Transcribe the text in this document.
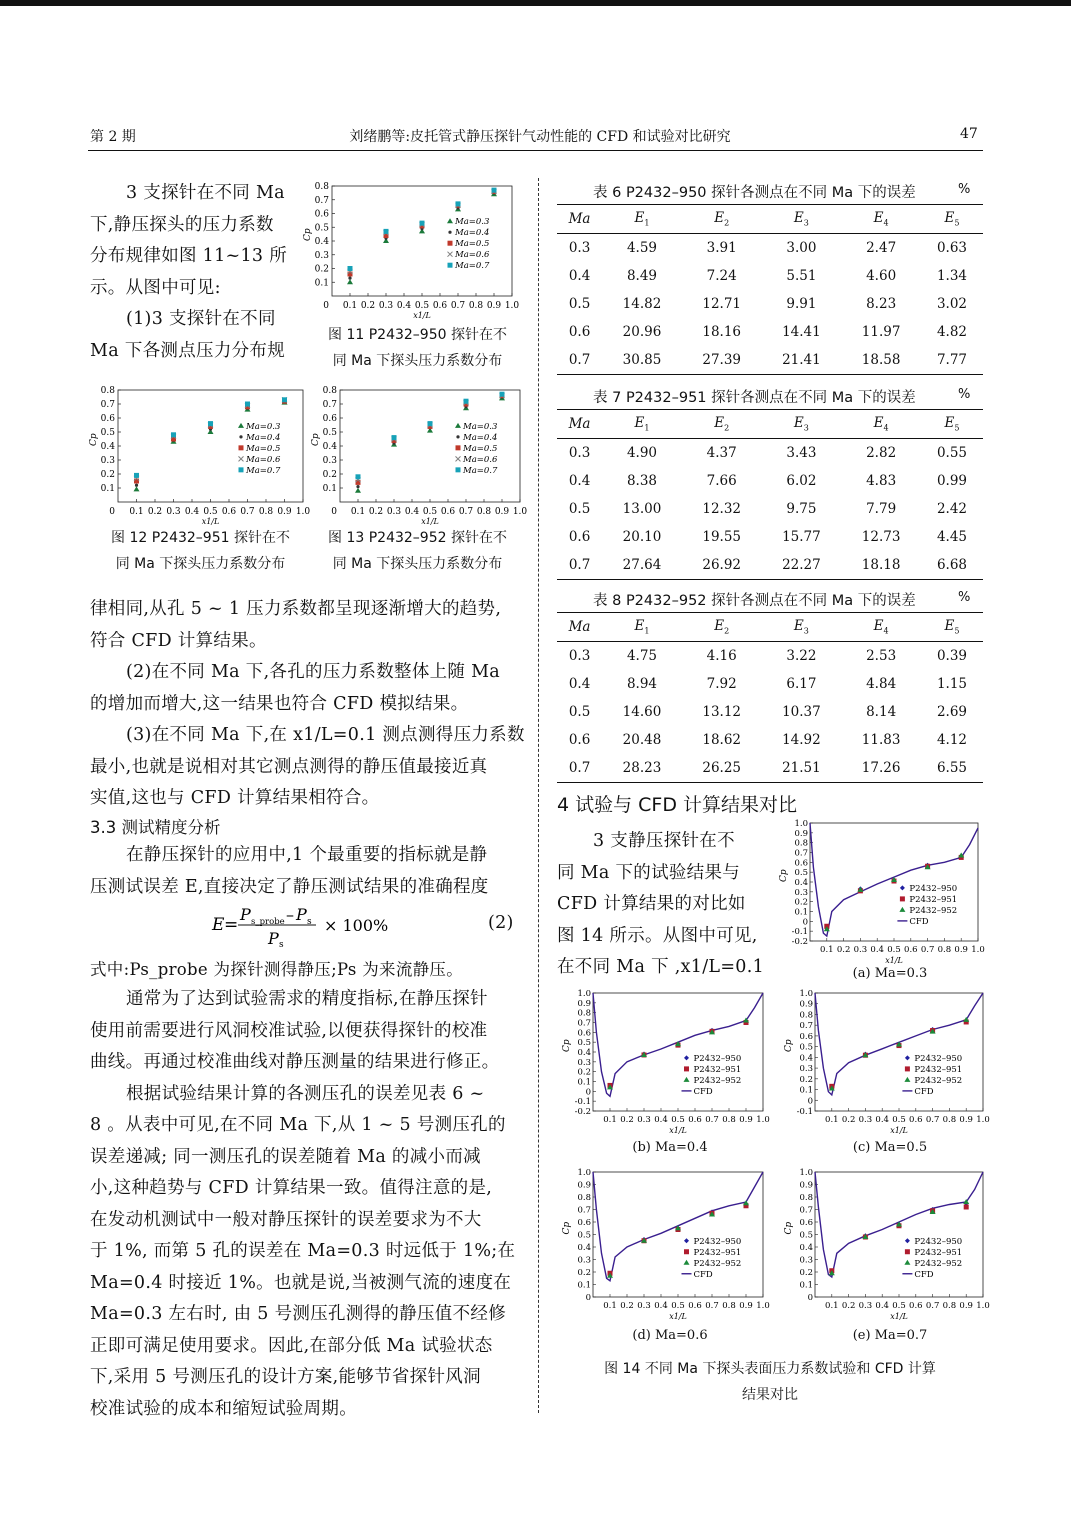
第 2 期	刘绪鹏等:皮托管式静压探针气动性能的 CFD 和试验对比研究	47
3 支探针在不同 Ma
下,静压探头的压力系数
分布规律如图 11~13 所
示。从图中可见:
(1)3 支探针在不同
Ma 下各测点压力分布规
0.1
0.2
0.3
0.4
0.5
0.6
0.7
0.8
0 0.1 0.2 0.3 0.4 0.5 0.6 0.7 0.8 0.9 1.0
x1/L
Cp
Ma=0.3
Ma=0.4
Ma=0.5
Ma=0.6
Ma=0.7
图 11 P2432–950 探针在不
同 Ma 下探头压力系数分布
0.1
0.2
0.3
0.4
0.5
0.6
0.7
0.8
0 0.1 0.2 0.3 0.4 0.5 0.6 0.7 0.8 0.9 1.0
x1/L
Cp
Ma=0.3
Ma=0.4
Ma=0.5
Ma=0.6
Ma=0.7
图 12 P2432–951 探针在不
同 Ma 下探头压力系数分布
0.1
0.2
0.3
0.4
0.5
0.6
0.7
0.8
0 0.1 0.2 0.3 0.4 0.5 0.6 0.7 0.8 0.9 1.0
x1/L
Cp
Ma=0.3
Ma=0.4
Ma=0.5
Ma=0.6
Ma=0.7
图 13 P2432–952 探针在不
同 Ma 下探头压力系数分布
律相同,从孔 5 ~ 1 压力系数都呈现逐渐增大的趋势,
符合 CFD 计算结果。
(2)在不同 Ma 下,各孔的压力系数整体上随 Ma
的增加而增大,这一结果也符合 CFD 模拟结果。
(3)在不同 Ma 下,在 x1/L=0.1 测点测得压力系数
最小,也就是说相对其它测点测得的静压值最接近真
实值,这也与 CFD 计算结果相符合。
3.3 测试精度分析
在静压探针的应用中,1 个最重要的指标就是静
压测试误差 E,直接决定了静压测试结果的准确程度
E =
P s_probe – P s
P s
× 100%	(2)
式中:Ps_probe 为探针测得静压;Ps 为来流静压。
通常为了达到试验需求的精度指标,在静压探针
使用前需要进行风洞校准试验,以便获得探针的校准
曲线。再通过校准曲线对静压测量的结果进行修正。
根据试验结果计算的各测压孔的误差见表 6 ~
8 。从表中可见,在不同 Ma 下,从 1 ~ 5 号测压孔的
误差递减; 同一测压孔的误差随着 Ma 的减小而减
小,这种趋势与 CFD 计算结果一致。值得注意的是,
在发动机测试中一般对静压探针的误差要求为不大
于 1%, 而第 5 孔的误差在 Ma=0.3 时远低于 1%;在
Ma=0.4 时接近 1%。也就是说,当被测气流的速度在
Ma=0.3 左右时, 由 5 号测压孔测得的静压值不经修
正即可满足使用要求。因此,在部分低 Ma 试验状态
下,采用 5 号测压孔的设计方案,能够节省探针风洞
校准试验的成本和缩短试验周期。
表 6 P2432–950 探针各测点在不同 Ma 下的误差	%
Ma	$E_1$	$E_2$	$E_3$	$E_4$	$E_5$
0.3	4.59	3.91	3.00	2.47	0.63
0.4	8.49	7.24	5.51	4.60	1.34
0.5	14.82	12.71	9.91	8.23	3.02
0.6	20.96	18.16	14.41	11.97	4.82
0.7	30.85	27.39	21.41	18.58	7.77
表 7 P2432–951 探针各测点在不同 Ma 下的误差	%
Ma	$E_1$	$E_2$	$E_3$	$E_4$	$E_5$
0.3	4.90	4.37	3.43	2.82	0.55
0.4	8.38	7.66	6.02	4.83	0.99
0.5	13.00	12.32	9.75	7.79	2.42
0.6	20.10	19.55	15.77	12.73	4.45
0.7	27.64	26.92	22.27	18.18	6.68
表 8 P2432–952 探针各测点在不同 Ma 下的误差	%
Ma	$E_1$	$E_2$	$E_3$	$E_4$	$E_5$
0.3	4.75	4.16	3.22	2.53	0.39
0.4	8.94	7.92	6.17	4.84	1.15
0.5	14.60	13.12	10.37	8.14	2.69
0.6	20.48	18.62	14.92	11.83	4.12
0.7	28.23	26.25	21.51	17.26	6.55
4 试验与 CFD 计算结果对比
3 支静压探针在不
同 Ma 下的试验结果与
CFD 计算结果的对比如
图 14 所示。从图中可见,
在不同 Ma 下 ,x1/L=0.1
-0.2
-0.1
0
0.1
0.2
0.3
0.4
0.5
0.6
0.7
0.8
0.9
1.0
0.1 0.2 0.3 0.4 0.5 0.6 0.7 0.8 0.9 1.0
x1/L
Cp
P2432–950
P2432–951
P2432–952
CFD
(a) Ma=0.3
-0.2
-0.1
0
0.1
0.2
0.3
0.4
0.5
0.6
0.7
0.8
0.9
1.0
0.1 0.2 0.3 0.4 0.5 0.6 0.7 0.8 0.9 1.0
x1/L
Cp
P2432–950
P2432–951
P2432–952
CFD
(b) Ma=0.4
-0.1
0
0.1
0.2
0.3
0.4
0.5
0.6
0.7
0.8
0.9
1.0
0.1 0.2 0.3 0.4 0.5 0.6 0.7 0.8 0.9 1.0
x1/L
Cp
P2432–950
P2432–951
P2432–952
CFD
(c) Ma=0.5
0
0.1
0.2
0.3
0.4
0.5
0.6
0.7
0.8
0.9
1.0
0.1 0.2 0.3 0.4 0.5 0.6 0.7 0.8 0.9 1.0
x1/L
Cp
P2432–950
P2432–951
P2432–952
CFD
(d) Ma=0.6
0
0.1
0.2
0.3
0.4
0.5
0.6
0.7
0.8
0.9
1.0
0.1 0.2 0.3 0.4 0.5 0.6 0.7 0.8 0.9 1.0
x1/L
Cp
P2432–950
P2432–951
P2432–952
CFD
(e) Ma=0.7
图 14 不同 Ma 下探头表面压力系数试验和 CFD 计算
结果对比
